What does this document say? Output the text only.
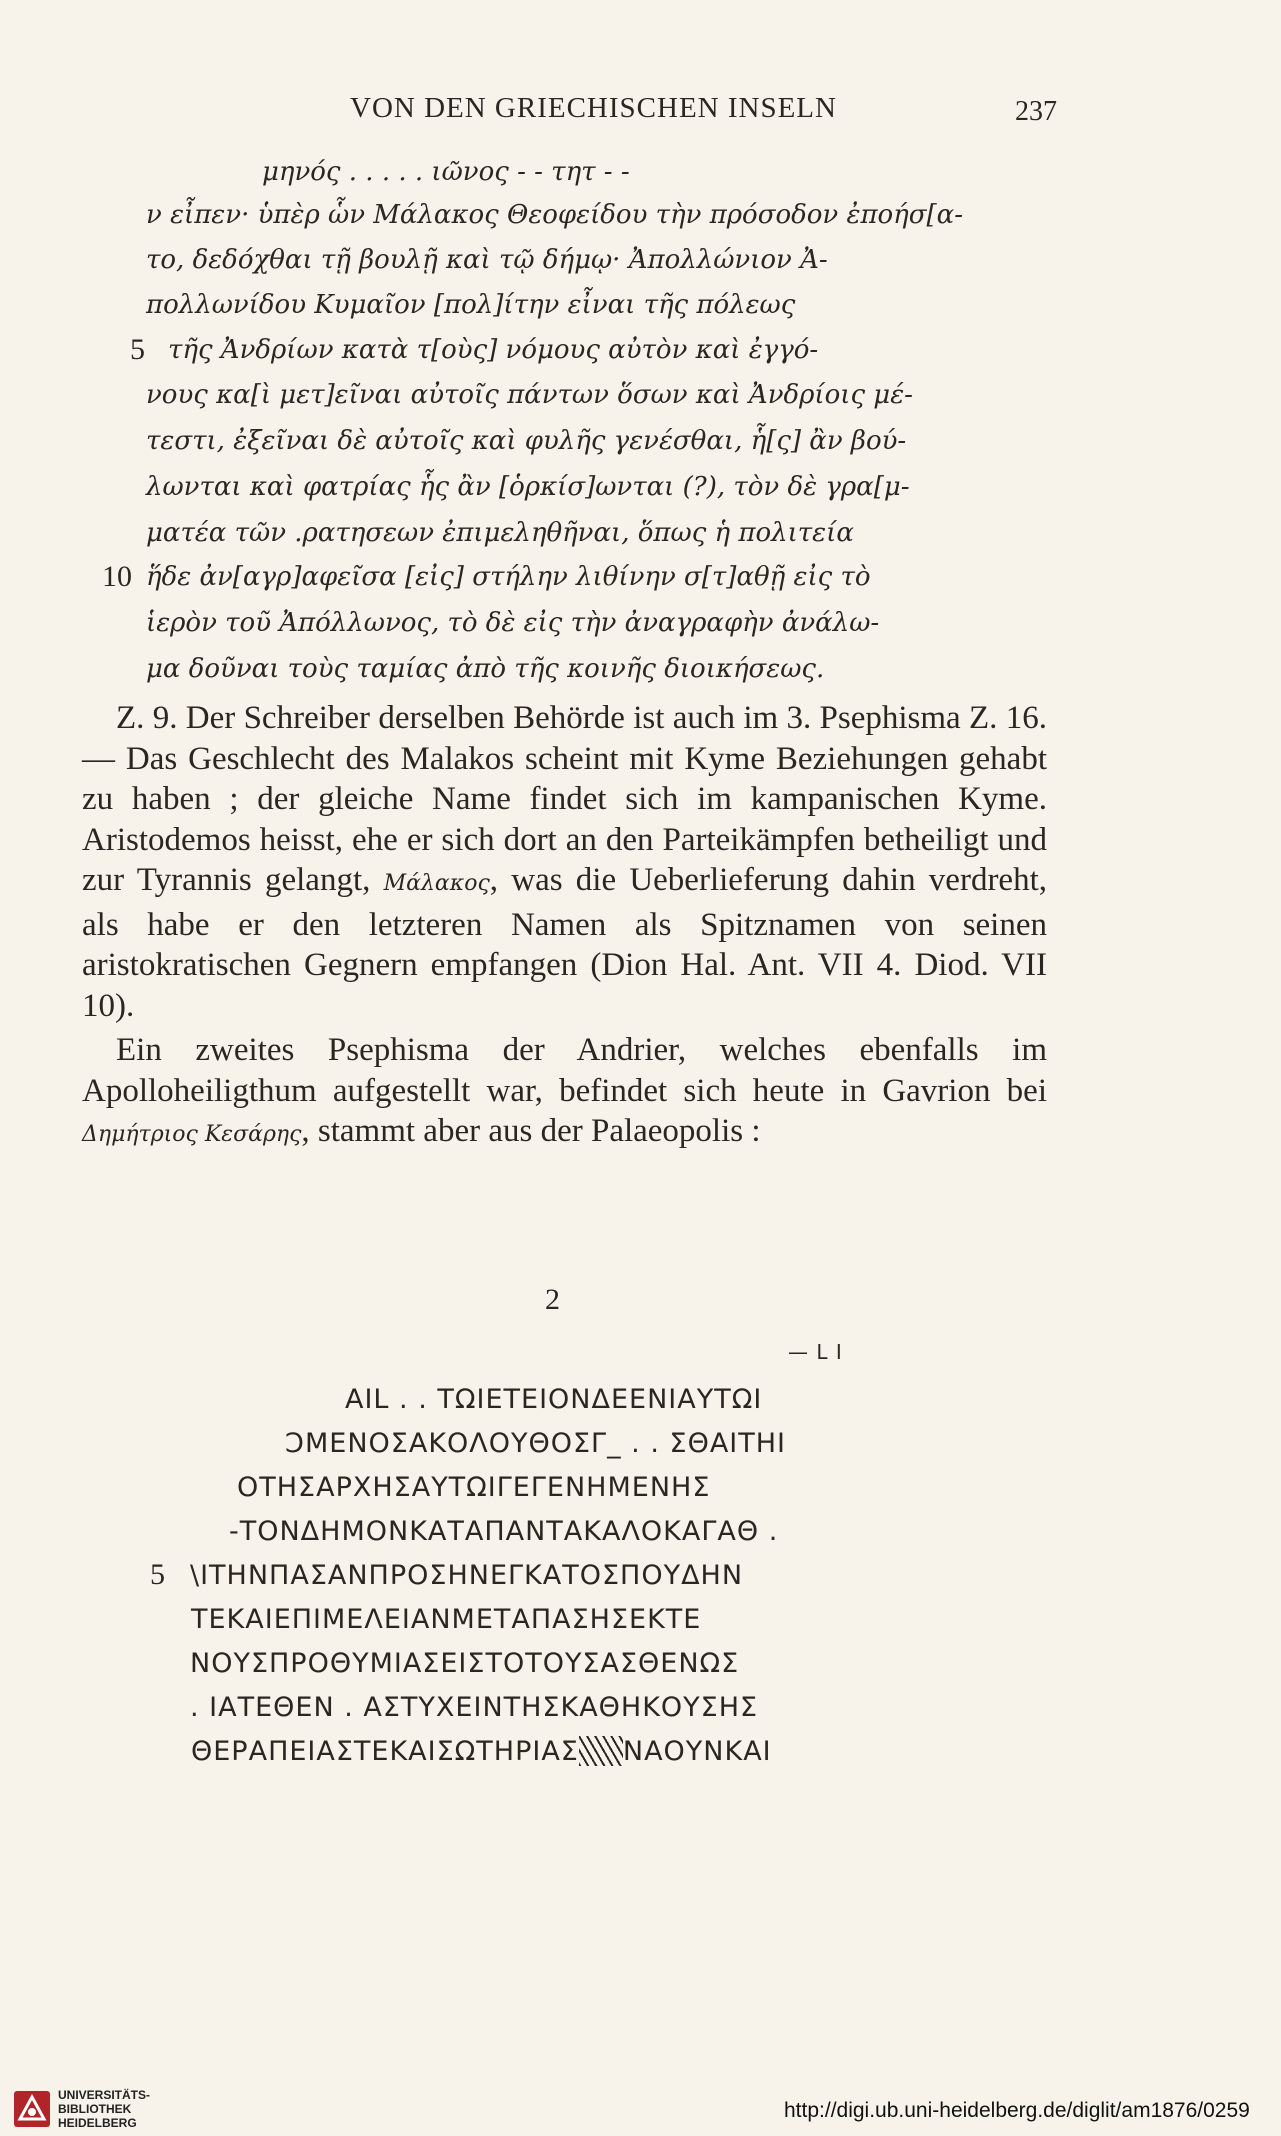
VON DEN GRIECHISCHEN INSELN	237
μηνός . . . . . ιῶνος - - τητ - -
ν εἶπεν· ὑπὲρ ὧν Μάλακος Θεοφείδου τὴν πρόσοδον ἐποήσ[α-
το, δεδόχθαι τῇ βουλῇ καὶ τῷ δήμῳ· Ἀπολλώνιον Ἀ-
πολλωνίδου Κυμαῖον [πολ]ίτην εἶναι τῆς πόλεως
5 τῆς Ἀνδρίων κατὰ τ[οὺς] νόμους αὐτὸν καὶ ἐγγό-
νους κα[ὶ μετ]εῖναι αὐτοῖς πάντων ὅσων καὶ Ἀνδρίοις μέ-
τεστι, ἐξεῖναι δὲ αὐτοῖς καὶ φυλῆς γενέσθαι, ἧ[ς] ἂν βού-
λωνται καὶ φατρίας ἧς ἂν [ὁρκίσ]ωνται (?), τὸν δὲ γρα[μ-
ματέα τῶν .ρατησεων ἐπιμεληθῆναι, ὅπως ἡ πολιτεία
10 ἥδε ἀν[αγρ]αφεῖσα [εἰς] στήλην λιθίνην σ[τ]αθῇ εἰς τὸ
ἱερὸν τοῦ Ἀπόλλωνος, τὸ δὲ εἰς τὴν ἀναγραφὴν ἀνάλω-
μα δοῦναι τοὺς ταμίας ἀπὸ τῆς κοινῆς διοικήσεως.

Z. 9. Der Schreiber derselben Behörde ist auch im 3. Psephisma Z. 16. — Das Geschlecht des Malakos scheint mit Kyme Beziehungen gehabt zu haben ; der gleiche Name findet sich im kampanischen Kyme. Aristodemos heisst, ehe er sich dort an den Parteikämpfen betheiligt und zur Tyrannis gelangt, Μάλακος, was die Ueberlieferung dahin verdreht, als habe er den letzteren Namen als Spitznamen von seinen aristokratischen Gegnern empfangen (Dion Hal. Ant. VII 4. Diod. VII 10).

Ein zweites Psephisma der Andrier, welches ebenfalls im Apolloheiligthum aufgestellt war, befindet sich heute in Gavrion bei Δημήτριος Κεσάρης, stammt aber aus der Palaeopolis :

2
— L I
AIL . . ΤΩΙΕΤΕΙΟΝΔΕΕΝΙΑΥΤΩΙ
ϽΜΕΝΟΣΑΚΟΛΟΥΘΟΣΓ_ . . ΣΘΑΙΤΗΙ
ΟΤΗΣΑΡΧΗΣΑΥΤΩΙΓΕΓΕΝΗΜΕΝΗΣ
-ΤΟΝΔΗΜΟΝΚΑΤΑΠΑΝΤΑΚΑΛΟΚΑΓΑΘ .
5 \ΙΤΗΝΠΑΣΑΝΠΡΟΣΗΝΕΓΚΑΤΟΣΠΟΥΔΗΝ
ΤΕΚΑΙΕΠΙΜΕΛΕΙΑΝΜΕΤΑΠΑΣΗΣΕΚΤΕ
ΝΟΥΣΠΡΟΘΥΜΙΑΣΕΙΣΤΟΤΟΥΣΑΣΘΕΝΩΣ
. ΙΑΤΕΘΕΝ . ΑΣΤΥΧΕΙΝΤΗΣΚΑΘΗΚΟΥΣΗΣ
ΘΕΡΑΠΕΙΑΣΤΕΚΑΙΣΩΤΗΡΙΑΣ ΝΑΟΥΝΚΑΙ
UNIVERSITÄTS-
BIBLIOTHEK
HEIDELBERG
http://digi.ub.uni-heidelberg.de/diglit/am1876/0259
